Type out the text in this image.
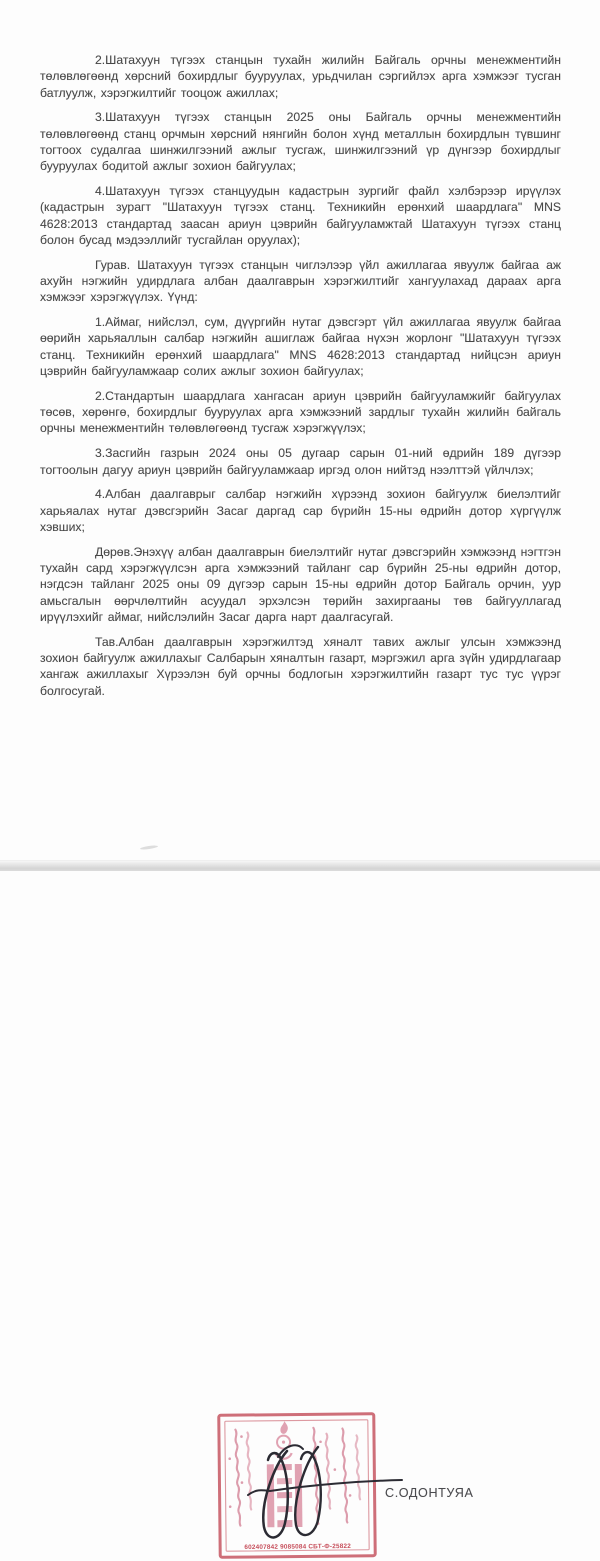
2.Шатахуун түгээх станцын тухайн жилийн Байгаль орчны менежментийн төлөвлөгөөнд хөрсний бохирдлыг бууруулах, урьдчилан сэргийлэх арга хэмжээг тусган батлуулж, хэрэгжилтийг тооцож ажиллах;

3.Шатахуун түгээх станцын 2025 оны Байгаль орчны менежментийн төлөвлөгөөнд станц орчмын хөрсний нянгийн болон хүнд металлын бохирдлын түвшинг тогтоох судалгаа шинжилгээний ажлыг тусгаж, шинжилгээний үр дүнгээр бохирдлыг бууруулах бодитой ажлыг зохион байгуулах;

4.Шатахуун түгээх станцуудын кадастрын зургийг файл хэлбэрээр ирүүлэх (кадастрын зурагт "Шатахуун түгээх станц. Техникийн ерөнхий шаардлага" MNS 4628:2013 стандартад заасан ариун цэврийн байгууламжтай Шатахуун түгээх станц болон бусад мэдээллийг тусгайлан оруулах);

Гурав. Шатахуун түгээх станцын чиглэлээр үйл ажиллагаа явуулж байгаа аж ахуйн нэгжийн удирдлага албан даалгаврын хэрэгжилтийг хангуулахад дараах арга хэмжээг хэрэгжүүлэх. Үүнд:

1.Аймаг, нийслэл, сум, дүүргийн нутаг дэвсгэрт үйл ажиллагаа явуулж байгаа өөрийн харьяаллын салбар нэгжийн ашиглаж байгаа нүхэн жорлонг "Шатахуун түгээх станц. Техникийн ерөнхий шаардлага" MNS 4628:2013 стандартад нийцсэн ариун цэврийн байгууламжаар солих ажлыг зохион байгуулах;

2.Стандартын шаардлага хангасан ариун цэврийн байгууламжийг байгуулах төсөв, хөрөнгө, бохирдлыг бууруулах арга хэмжээний зардлыг тухайн жилийн байгаль орчны менежментийн төлөвлөгөөнд тусгаж хэрэгжүүлэх;

3.Засгийн газрын 2024 оны 05 дугаар сарын 01-ний өдрийн 189 дүгээр тогтоолын дагуу ариун цэврийн байгууламжаар иргэд олон нийтэд нээлттэй үйлчлэх;

4.Албан даалгаврыг салбар нэгжийн хүрээнд зохион байгуулж биелэлтийг харьяалах нутаг дэвсгэрийн Засаг даргад сар бүрийн 15-ны өдрийн дотор хүргүүлж хэвших;

Дөрөв.Энэхүү албан даалгаврын биелэлтийг нутаг дэвсгэрийн хэмжээнд нэгтгэн тухайн сард хэрэгжүүлсэн арга хэмжээний тайланг сар бүрийн 25-ны өдрийн дотор, нэгдсэн тайланг 2025 оны 09 дүгээр сарын 15-ны өдрийн дотор Байгаль орчин, уур амьсгалын өөрчлөлтийн асуудал эрхэлсэн төрийн захиргааны төв байгууллагад ирүүлэхийг аймаг, нийслэлийн Засаг дарга нарт даалгасугай.

Тав.Албан даалгаврын хэрэгжилтэд хяналт тавих ажлыг улсын хэмжээнд зохион байгуулж ажиллахыг Салбарын хяналтын газарт, мэргэжил арга зүйн удирдлагаар хангаж ажиллахыг Хүрээлэн буй орчны бодлогын хэрэгжилтийн газарт тус тус үүрэг болгосугай.

602407842 9085084 СБТ-Ф-25822
С.ОДОНТУЯА
